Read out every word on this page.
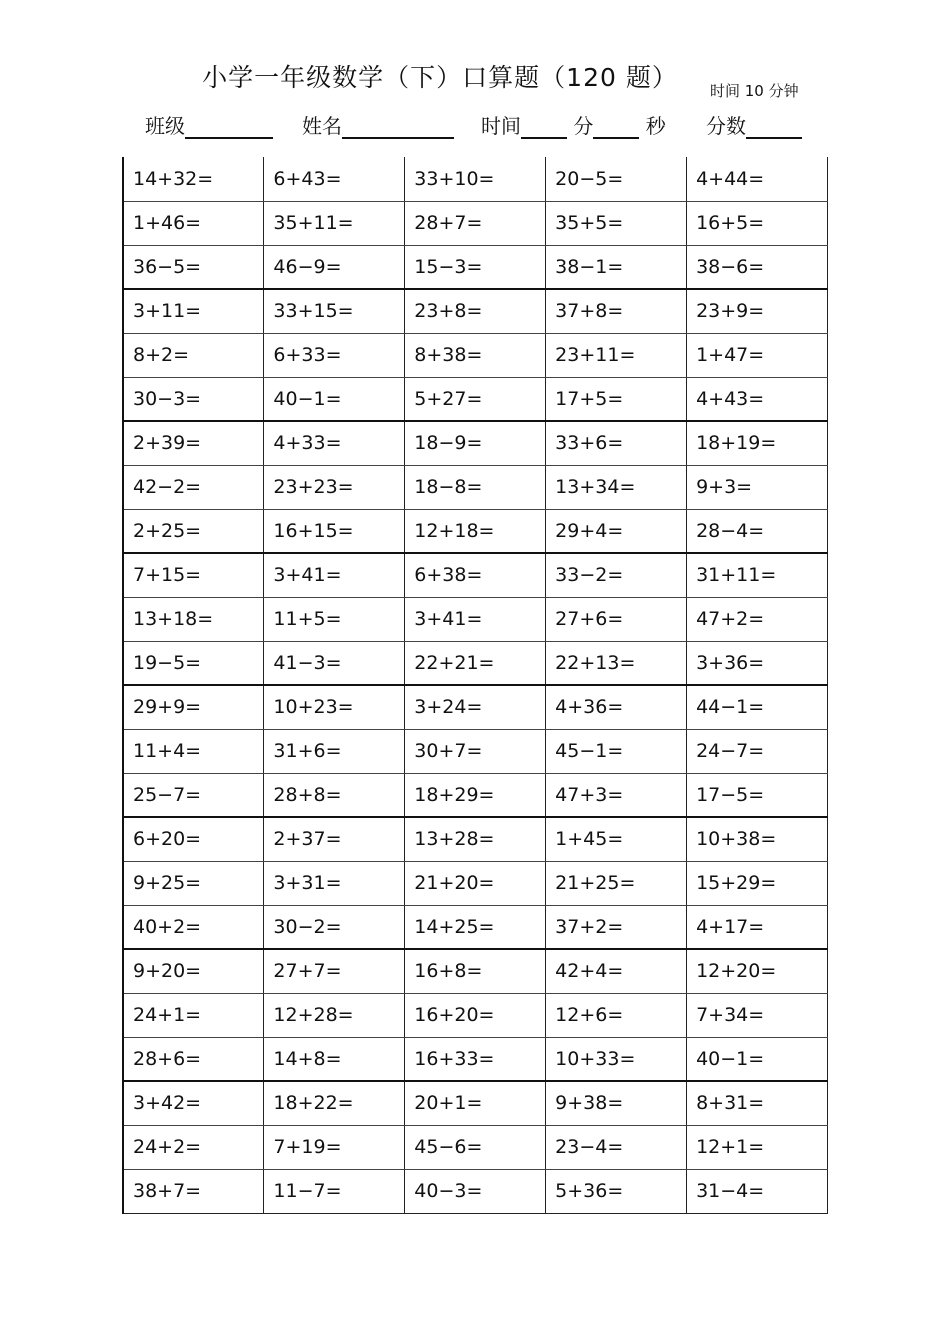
小学一年级数学（下）口算题（120 题）	时间 10 分钟
班级	姓名	时间	分	秒 分数
14+32=	6+43=	33+10=	20−5=	4+44=
1+46=	35+11=	28+7=	35+5=	16+5=
36−5=	46−9=	15−3=	38−1=	38−6=
3+11=	33+15=	23+8=	37+8=	23+9=
8+2=	6+33=	8+38=	23+11=	1+47=
30−3=	40−1=	5+27=	17+5=	4+43=
2+39=	4+33=	18−9=	33+6=	18+19=
42−2=	23+23=	18−8=	13+34=	9+3=
2+25=	16+15=	12+18=	29+4=	28−4=
7+15=	3+41=	6+38=	33−2=	31+11=
13+18=	11+5=	3+41=	27+6=	47+2=
19−5=	41−3=	22+21=	22+13=	3+36=
29+9=	10+23=	3+24=	4+36=	44−1=
11+4=	31+6=	30+7=	45−1=	24−7=
25−7=	28+8=	18+29=	47+3=	17−5=
6+20=	2+37=	13+28=	1+45=	10+38=
9+25=	3+31=	21+20=	21+25=	15+29=
40+2=	30−2=	14+25=	37+2=	4+17=
9+20=	27+7=	16+8=	42+4=	12+20=
24+1=	12+28=	16+20=	12+6=	7+34=
28+6=	14+8=	16+33=	10+33=	40−1=
3+42=	18+22=	20+1=	9+38=	8+31=
24+2=	7+19=	45−6=	23−4=	12+1=
38+7=	11−7=	40−3=	5+36=	31−4=
